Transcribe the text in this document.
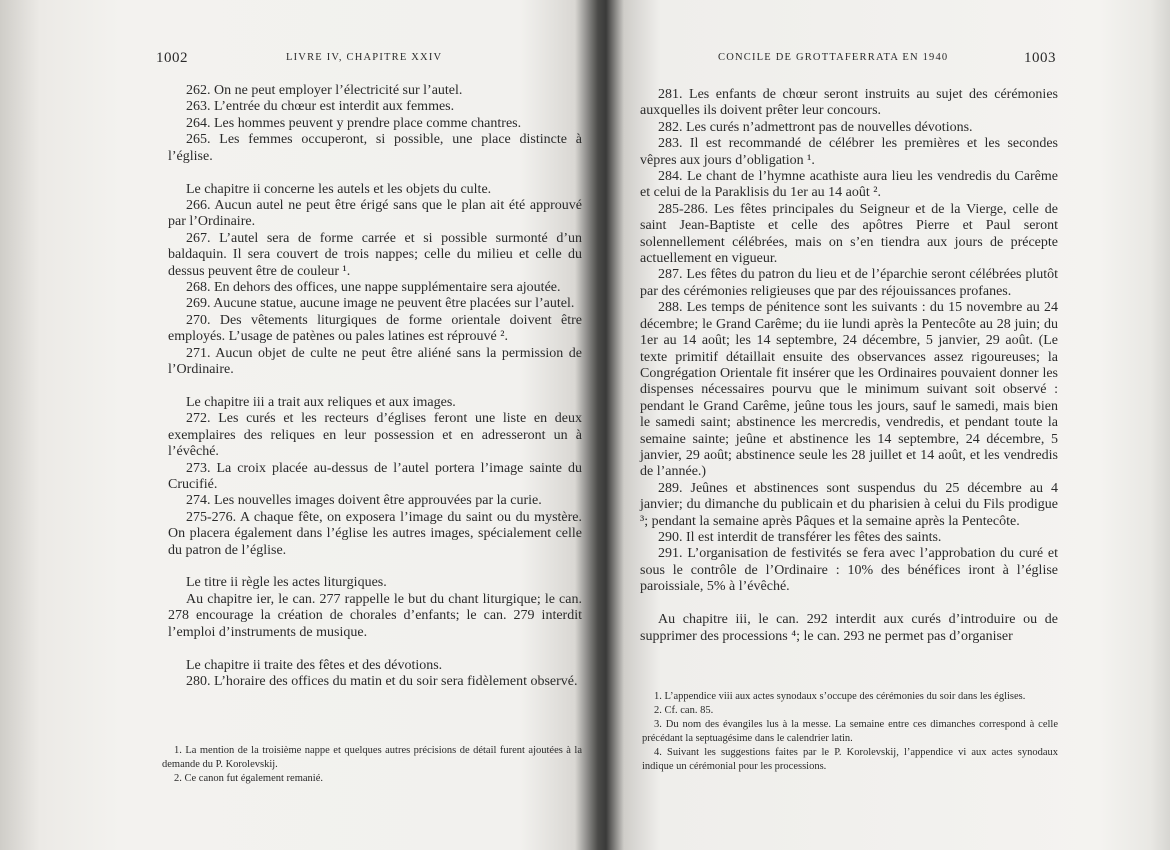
1002	LIVRE IV, CHAPITRE XXIV

262. On ne peut employer l’électricité sur l’autel.

263. L’entrée du chœur est interdit aux femmes.

264. Les hommes peuvent y prendre place comme chantres.

265. Les femmes occuperont, si possible, une place distincte à l’église.

Le chapitre ii concerne les autels et les objets du culte.

266. Aucun autel ne peut être érigé sans que le plan ait été approuvé par l’Ordinaire.

267. L’autel sera de forme carrée et si possible surmonté d’un baldaquin. Il sera couvert de trois nappes; celle du milieu et celle du dessus peuvent être de couleur ¹.

268. En dehors des offices, une nappe supplémentaire sera ajoutée.

269. Aucune statue, aucune image ne peuvent être placées sur l’autel.

270. Des vêtements liturgiques de forme orientale doivent être employés. L’usage de patènes ou pales latines est réprouvé ².

271. Aucun objet de culte ne peut être aliéné sans la permission de l’Ordinaire.

Le chapitre iii a trait aux reliques et aux images.

272. Les curés et les recteurs d’églises feront une liste en deux exemplaires des reliques en leur possession et en adresseront un à l’évêché.

273. La croix placée au-dessus de l’autel portera l’image sainte du Crucifié.

274. Les nouvelles images doivent être approuvées par la curie.

275-276. A chaque fête, on exposera l’image du saint ou du mystère. On placera également dans l’église les autres images, spécialement celle du patron de l’église.

Le titre ii règle les actes liturgiques.

Au chapitre ier, le can. 277 rappelle le but du chant liturgique; le can. 278 encourage la création de chorales d’enfants; le can. 279 interdit l’emploi d’instruments de musique.

Le chapitre ii traite des fêtes et des dévotions.

280. L’horaire des offices du matin et du soir sera fidèlement observé.

1. La mention de la troisième nappe et quelques autres précisions de détail furent ajoutées à la demande du P. Korolevskij.

2. Ce canon fut également remanié.

CONCILE DE GROTTAFERRATA EN 1940	1003

281. Les enfants de chœur seront instruits au sujet des cérémonies auxquelles ils doivent prêter leur concours.

282. Les curés n’admettront pas de nouvelles dévotions.

283. Il est recommandé de célébrer les premières et les secondes vêpres aux jours d’obligation ¹.

284. Le chant de l’hymne acathiste aura lieu les vendredis du Carême et celui de la Paraklisis du 1er au 14 août ².

285-286. Les fêtes principales du Seigneur et de la Vierge, celle de saint Jean-Baptiste et celle des apôtres Pierre et Paul seront solennellement célébrées, mais on s’en tiendra aux jours de précepte actuellement en vigueur.

287. Les fêtes du patron du lieu et de l’éparchie seront célébrées plutôt par des cérémonies religieuses que par des réjouissances profanes.

288. Les temps de pénitence sont les suivants : du 15 novembre au 24 décembre; le Grand Carême; du iie lundi après la Pentecôte au 28 juin; du 1er au 14 août; les 14 septembre, 24 décembre, 5 janvier, 29 août. (Le texte primitif détaillait ensuite des observances assez rigoureuses; la Congrégation Orientale fit insérer que les Ordinaires pouvaient donner les dispenses nécessaires pourvu que le minimum suivant soit observé : pendant le Grand Carême, jeûne tous les jours, sauf le samedi, mais bien le samedi saint; abstinence les mercredis, vendredis, et pendant toute la semaine sainte; jeûne et abstinence les 14 septembre, 24 décembre, 5 janvier, 29 août; abstinence seule les 28 juillet et 14 août, et les vendredis de l’année.)

289. Jeûnes et abstinences sont suspendus du 25 décembre au 4 janvier; du dimanche du publicain et du pharisien à celui du Fils prodigue ³; pendant la semaine après Pâques et la semaine après la Pentecôte.

290. Il est interdit de transférer les fêtes des saints.

291. L’organisation de festivités se fera avec l’approbation du curé et sous le contrôle de l’Ordinaire : 10% des bénéfices iront à l’église paroissiale, 5% à l’évêché.

Au chapitre iii, le can. 292 interdit aux curés d’introduire ou de supprimer des processions ⁴; le can. 293 ne permet pas d’organiser

1. L’appendice viii aux actes synodaux s’occupe des cérémonies du soir dans les églises.

2. Cf. can. 85.

3. Du nom des évangiles lus à la messe. La semaine entre ces dimanches correspond à celle précédant la septuagésime dans le calendrier latin.

4. Suivant les suggestions faites par le P. Korolevskij, l’appendice vi aux actes synodaux indique un cérémonial pour les processions.
